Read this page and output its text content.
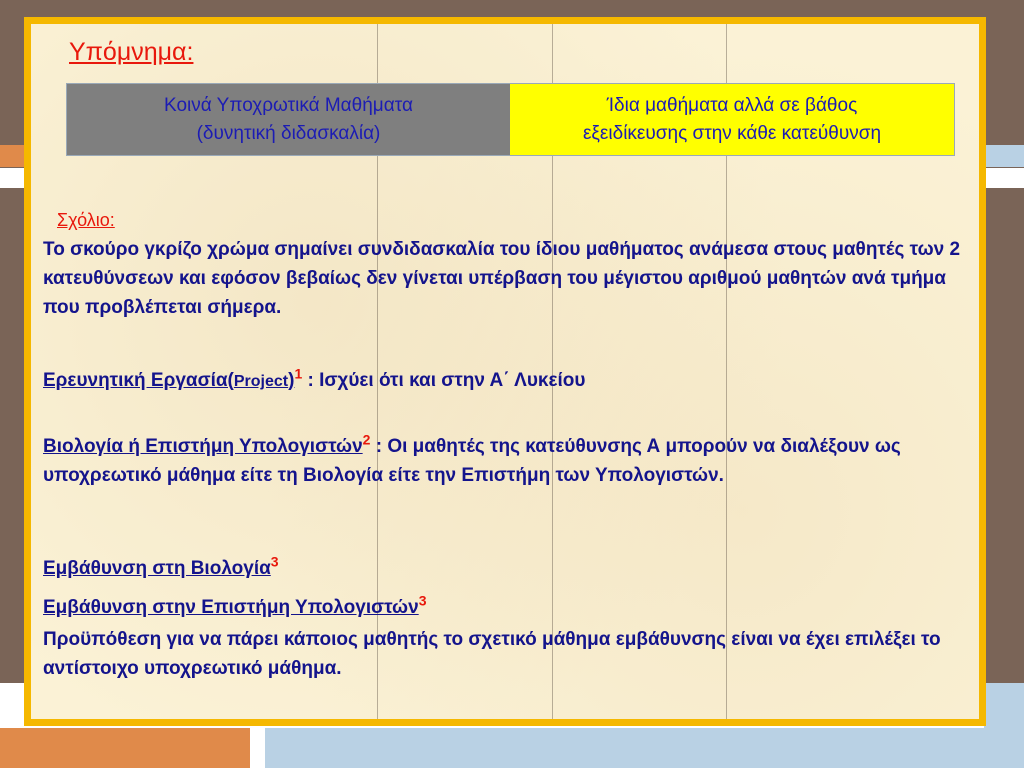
Υπόμνημα:
Κοινά Υποχρωτικά Μαθήματα
(δυνητική διδασκαλία)
Ίδια μαθήματα αλλά σε βάθος
εξειδίκευσης στην κάθε κατεύθυνση
Σχόλιο:
Το σκούρο γκρίζο χρώμα σημαίνει συνδιδασκαλία του ίδιου μαθήματος ανάμεσα στους μαθητές των 2 κατευθύνσεων και εφόσον βεβαίως δεν γίνεται υπέρβαση του μέγιστου αριθμού μαθητών ανά τμήμα που προβλέπεται σήμερα.
Ερευνητική Εργασία(Project)$^1$ : Ισχύει ότι και στην Α΄ Λυκείου
Βιολογία ή Επιστήμη Υπολογιστών$^2$ : Οι μαθητές της κατεύθυνσης Α μπορούν να διαλέξουν ως υποχρεωτικό μάθημα είτε τη Βιολογία είτε την Επιστήμη των Υπολογιστών.
Εμβάθυνση στη Βιολογία$^3$
Εμβάθυνση στην Επιστήμη Υπολογιστών$^3$
Προϋπόθεση για να πάρει κάποιος μαθητής το σχετικό μάθημα εμβάθυνσης είναι να έχει επιλέξει το αντίστοιχο υποχρεωτικό μάθημα.
